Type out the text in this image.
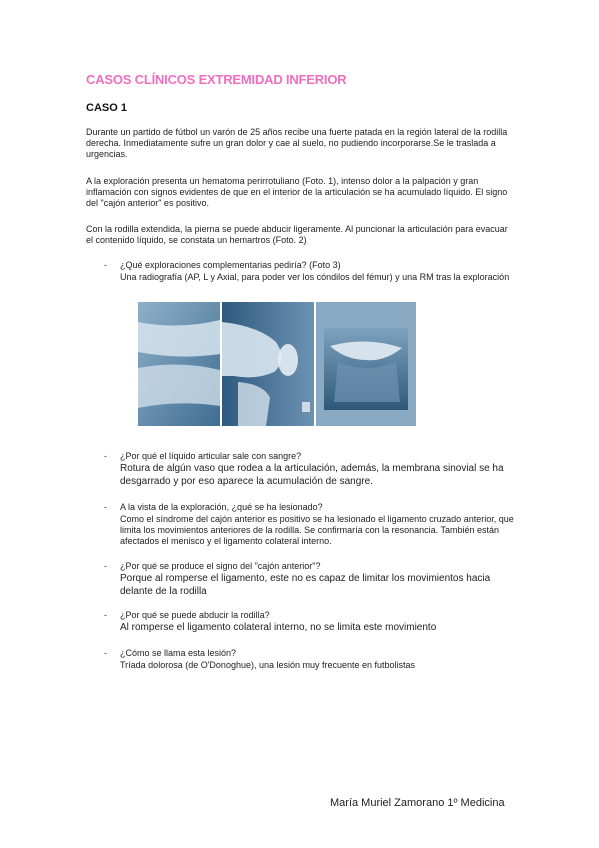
CASOS CLÍNICOS EXTREMIDAD INFERIOR
CASO 1
Durante un partido de fútbol un varón de 25 años recibe una fuerte patada en la región lateral de la rodilla derecha. Inmediatamente sufre un gran dolor y cae al suelo, no pudiendo incorporarse.Se le traslada a urgencias.
A la exploración presenta un hematoma perirrotuliano (Foto. 1), intenso dolor a la palpación y gran inflamación con signos evidentes de que en el interior de la articulación se ha acumulado líquido. El signo del "cajón anterior" es positivo.
Con la rodilla extendida, la pierna se puede abducir ligeramente. Al puncionar la articulación para evacuar el contenido líquido, se constata un hemartros (Foto. 2)
- ¿Qué exploraciones complementarias pediría? (Foto 3)
Una radiografía (AP, L y Axial, para poder ver los cóndilos del fémur) y una RM tras la exploración
- ¿Por qué el líquido articular sale con sangre?
Rotura de algún vaso que rodea a la articulación, además, la membrana sinovial se ha desgarrado y por eso aparece la acumulación de sangre.
- A la vista de la exploración, ¿qué se ha lesionado?
Como el síndrome del cajón anterior es positivo se ha lesionado el ligamento cruzado anterior, que limita los movimientos anteriores de la rodilla. Se confirmaría con la resonancia. También están afectados el menisco y el ligamento colateral interno.
- ¿Por qué se produce el signo del "cajón anterior"?
Porque al romperse el ligamento, este no es capaz de limitar los movimientos hacia delante de la rodilla
- ¿Por qué se puede abducir la rodilla?
Al romperse el ligamento colateral interno, no se limita este movimiento
- ¿Cómo se llama esta lesión?
Tríada dolorosa (de O'Donoghue), una lesión muy frecuente en futbolistas
María Muriel Zamorano 1º Medicina
